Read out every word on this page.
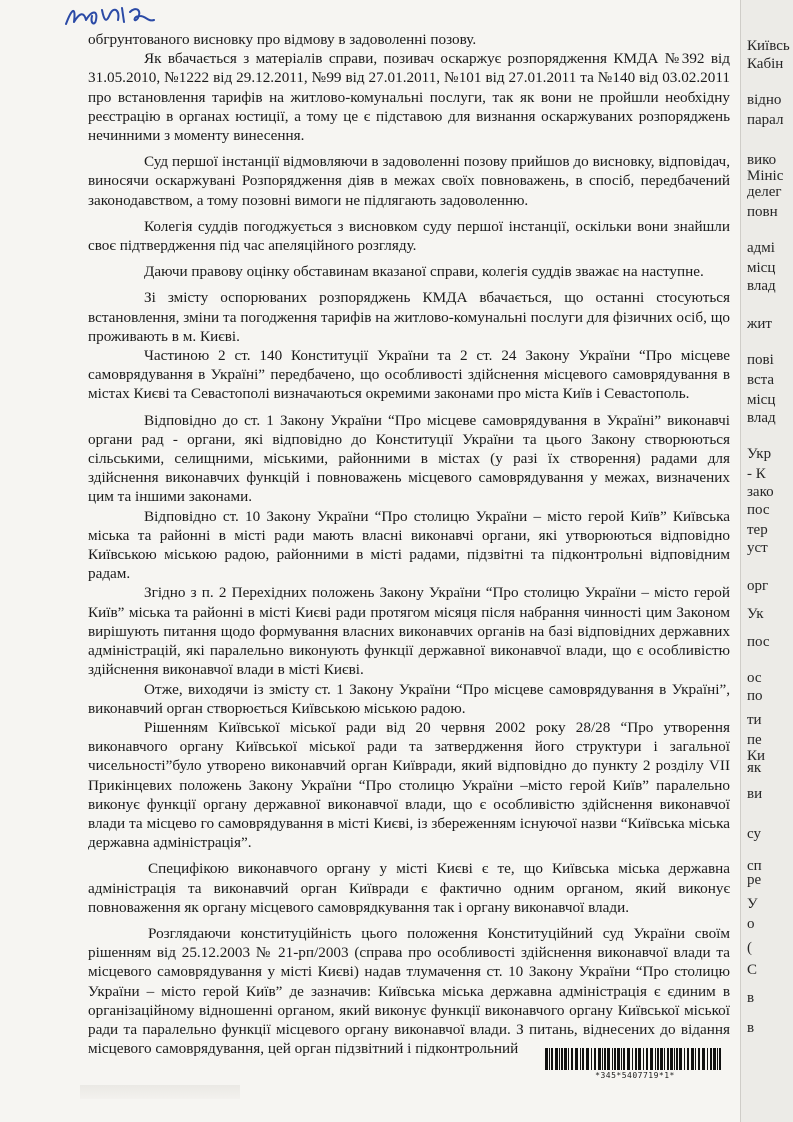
обгрунтованого висновку про відмову в задоволенні позову.

Як вбачається з матеріалів справи, позивач оскаржує розпорядження КМДА №392 від 31.05.2010, №1222 від 29.12.2011, №99 від 27.01.2011, №101 від 27.01.2011 та №140 від 03.02.2011 про встановлення тарифів на житлово-комунальні послуги, так як вони не пройшли необхідну реєстрацію в органах юстиції, а тому це є підставою для визнання оскаржуваних розпоряджень нечинними з моменту винесення.

Суд першої інстанції відмовляючи в задоволенні позову прийшов до висновку, відповідач, виносячи оскаржувані Розпорядження діяв в межах своїх повноважень, в спосіб, передбачений законодавством, а тому позовні вимоги не підлягають задоволенню.

Колегія суддів погоджується з висновком суду першої інстанції, оскільки вони знайшли своє підтвердження під час апеляційного розгляду.

Даючи правову оцінку обставинам вказаної справи, колегія суддів зважає на наступне.

Зі змісту оспорюваних розпоряджень КМДА вбачається, що останні стосуються встановлення, зміни та погодження тарифів на житлово-комунальні послуги для фізичних осіб, що проживають в м. Києві.

Частиною 2 ст. 140 Конституції України та 2 ст. 24 Закону України “Про місцеве самоврядування в Україні” передбачено, що особливості здійснення місцевого самоврядування в містах Києві та Севастополі визначаються окремими законами про міста Київ і Севастополь.

Відповідно до ст. 1 Закону України “Про місцеве самоврядування в Україні” виконавчі органи рад - органи, які відповідно до Конституції України та цього Закону створюються сільськими, селищними, міськими, районними в містах (у разі їх створення) радами для здійснення виконавчих функцій і повноважень місцевого самоврядування у межах, визначених цим та іншими законами.

Відповідно ст. 10 Закону України “Про столицю України – місто герой Київ” Київська міська та районні в місті ради мають власні виконавчі органи, які утворюються відповідно Київською міською радою, районними в місті радами, підзвітні та підконтрольні відповідним радам.

Згідно з п. 2 Перехідних положень Закону України “Про столицю України – місто герой Київ” міська та районні в місті Києві ради протягом місяця після набрання чинності цим Законом вирішують питання щодо формування власних виконавчих органів на базі відповідних державних адміністрацій, які паралельно виконують функції державної виконавчої влади, що є особливістю здійснення виконавчої влади в місті Києві.

Отже, виходячи із змісту ст. 1 Закону України “Про місцеве самоврядування в Україні”, виконавчий орган створюється Київською міською радою.

Рішенням Київської міської ради від 20 червня 2002 року 28/28 “Про утворення виконавчого органу Київської міської ради та затвердження його структури і загальної чисельності”було утворено виконавчий орган Київради, який відповідно до пункту 2 розділу VII Прикінцевих положень Закону України “Про столицю України –місто герой Київ” паралельно виконує функції органу державної виконавчої влади, що є особливістю здійснення виконавчої влади та місцево го самоврядування в місті Києві, із збереженням існуючої назви “Київська міська державна адміністрація”.

Специфікою виконавчого органу у місті Києві є те, що Київська міська державна адміністрація та виконавчий орган Київради є фактично одним органом, який виконує повноваження як органу місцевого самоврядкування так і органу виконавчої влади.

Розглядаючи конституційність цього положення Конституційний суд України своїм рішенням від 25.12.2003 № 21-рп/2003 (справа про особливості здійснення виконавчої влади та місцевого самоврядування у місті Києві) надав тлумачення ст. 10 Закону України “Про столицю України – місто герой Київ” де зазначив: Київська міська державна адміністрація є єдиним в організаційному відношенні органом, який виконує функції виконавчого органу Київської міської ради та паралельно функції місцевого органу виконавчої влади. З питань, віднесених до відання місцевого самоврядування, цей орган підзвітний і підконтрольний

*345*5407719*1*
Київсь
Кабін
відно
парал
вико
Мініс
делег
повн
адмі
місц
влад
жит
пові
вста
місц
влад
Укр
- К
зако
пос
тер
уст
орг
Ук
пос
ос
по
ти
пе
Ки
як
ви
су
сп
ре
У
о
(
С
в
в
